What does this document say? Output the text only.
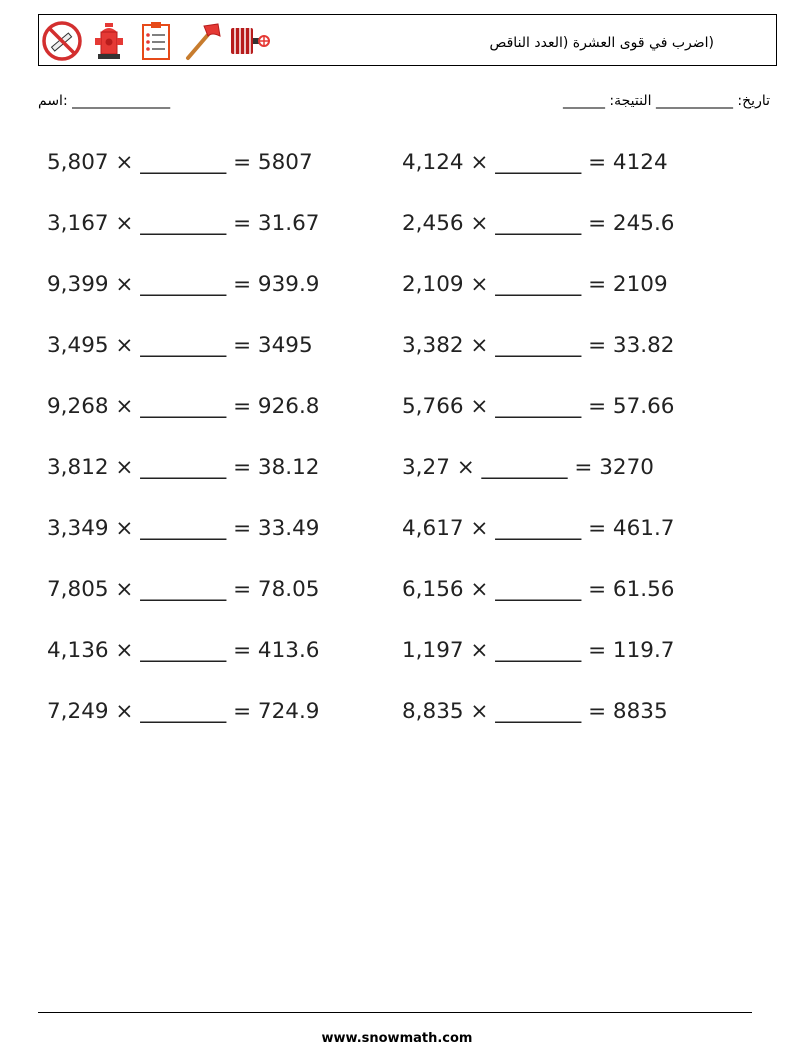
(اضرب في قوى العشرة (العدد الناقص
اسم: ______________	______ :تاريخ: ___________ النتيجة
5,807 × ________ = 5807
3,167 × ________ = 31.67
9,399 × ________ = 939.9
3,495 × ________ = 3495
9,268 × ________ = 926.8
3,812 × ________ = 38.12
3,349 × ________ = 33.49
7,805 × ________ = 78.05
4,136 × ________ = 413.6
7,249 × ________ = 724.9
4,124 × ________ = 4124
2,456 × ________ = 245.6
2,109 × ________ = 2109
3,382 × ________ = 33.82
5,766 × ________ = 57.66
3,27 × ________ = 3270
4,617 × ________ = 461.7
6,156 × ________ = 61.56
1,197 × ________ = 119.7
8,835 × ________ = 8835
www.snowmath.com
